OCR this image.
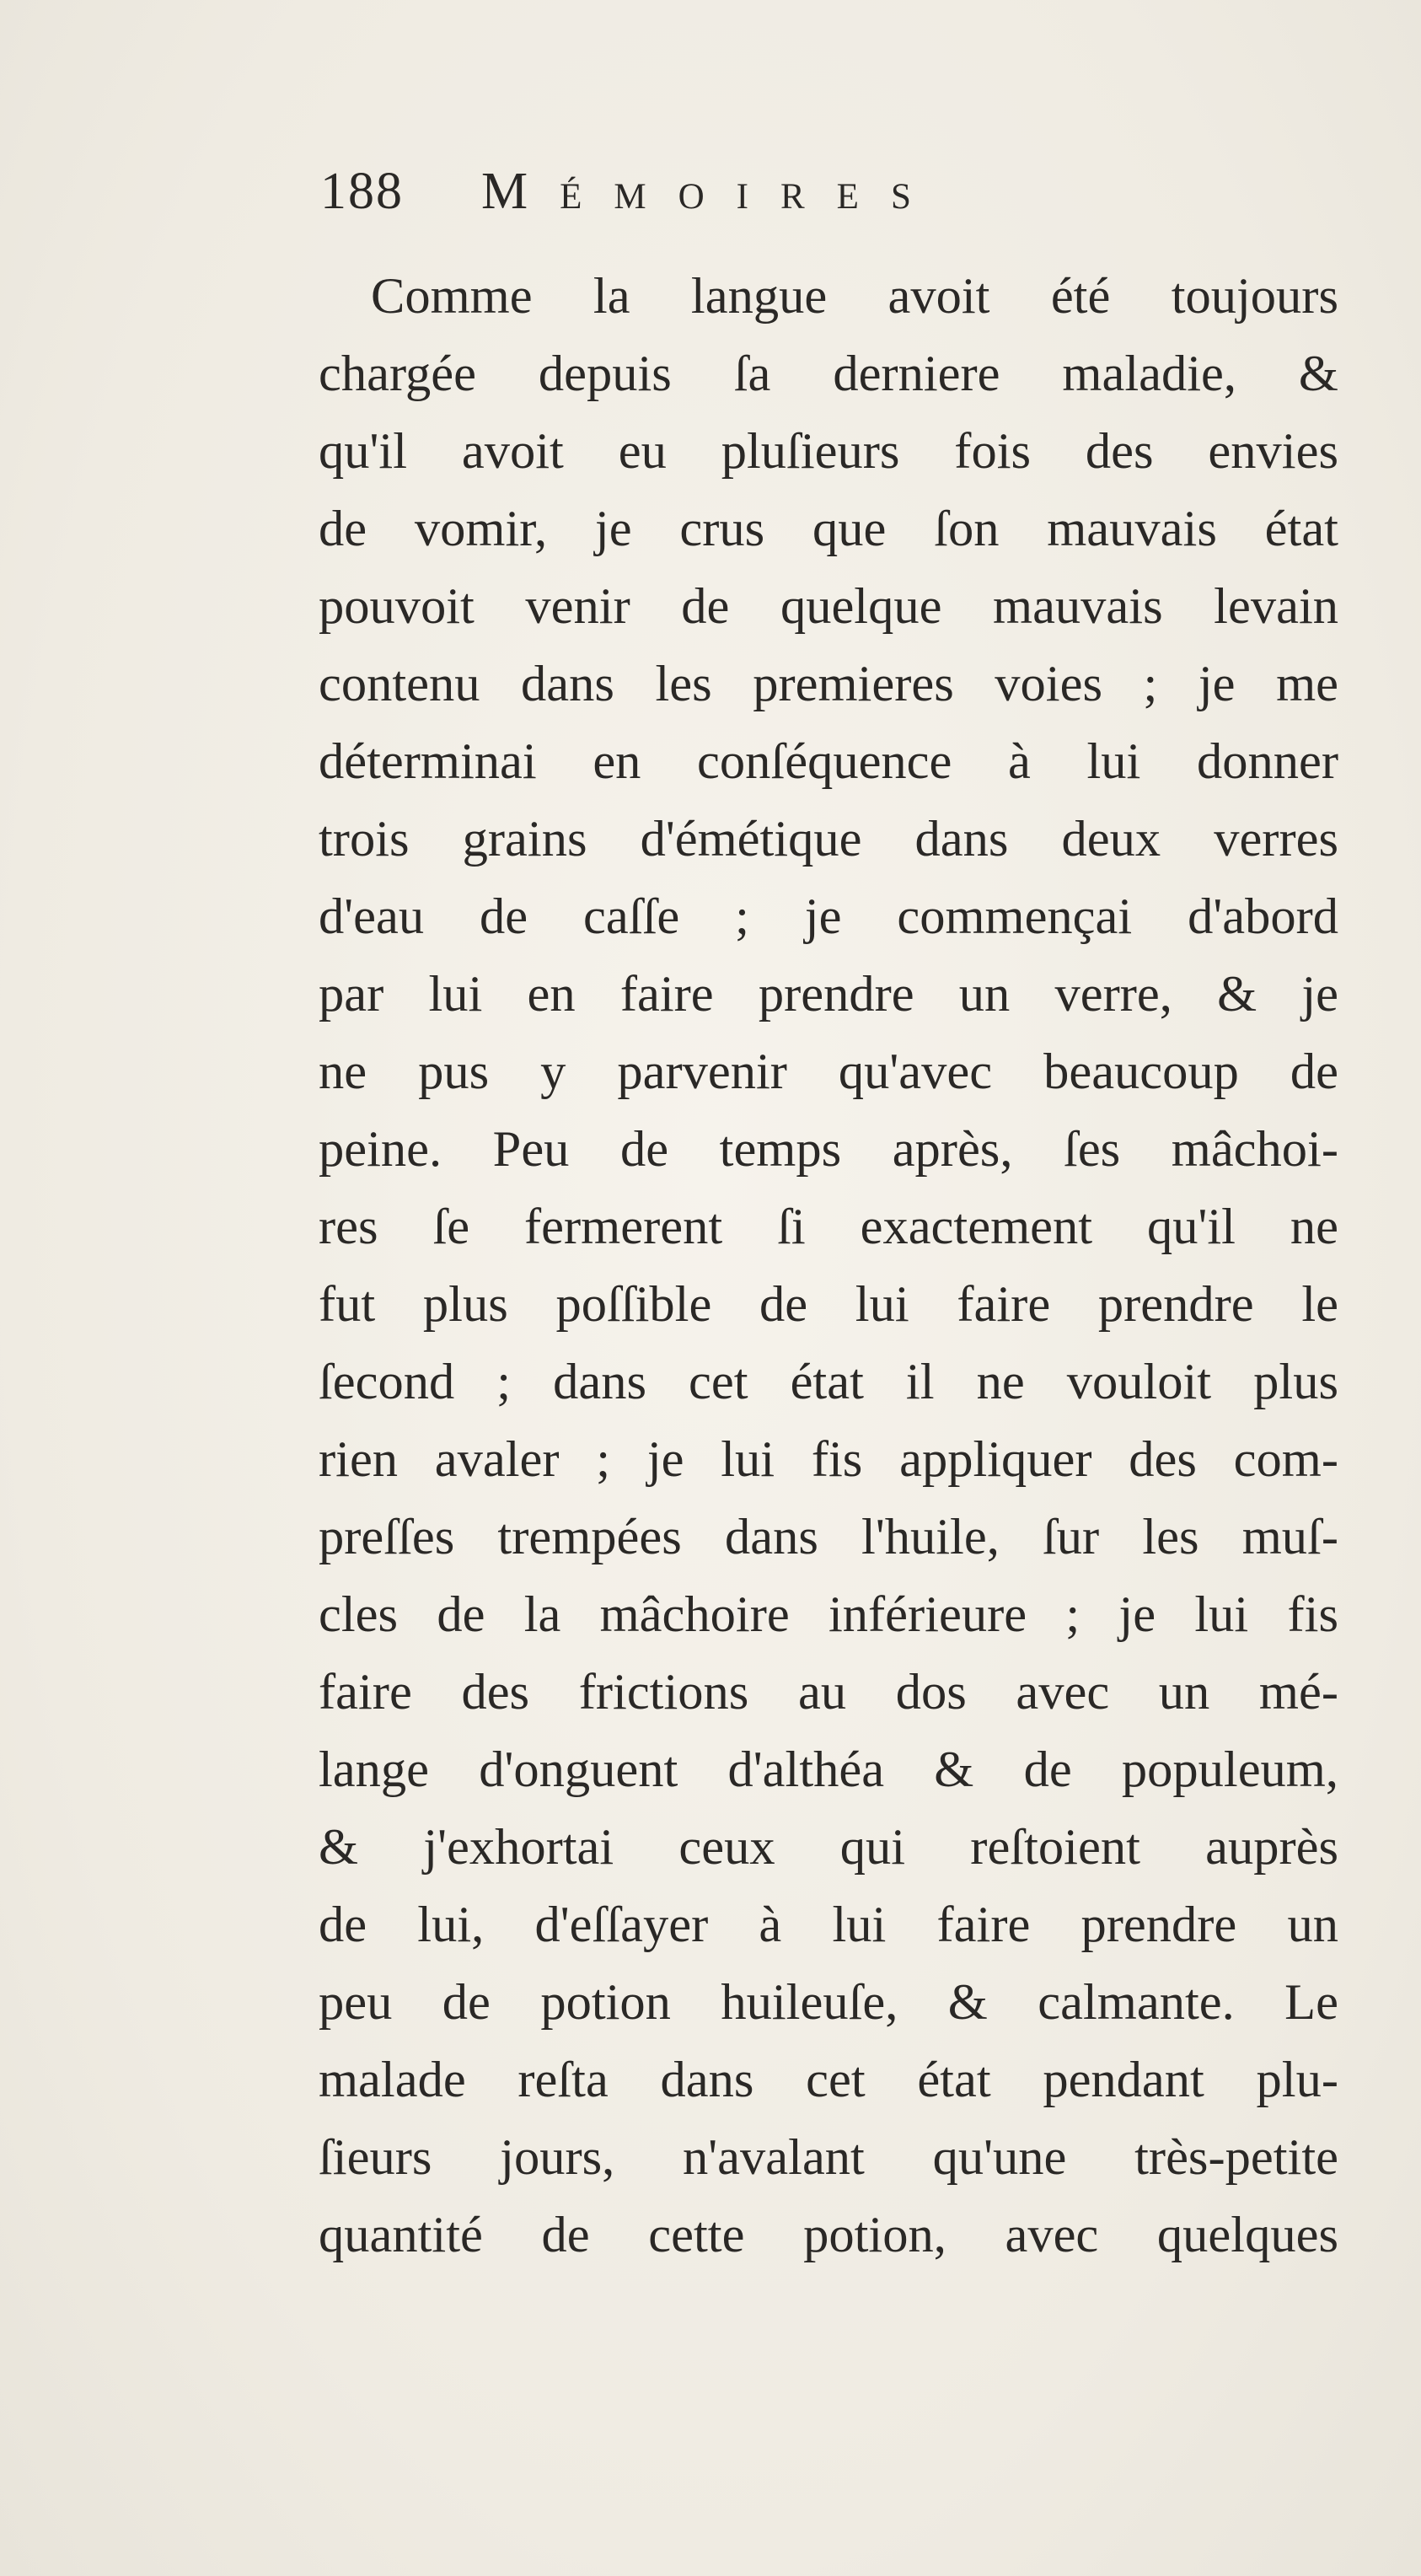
188 Mémoires
Comme la langue avoit été toujours
chargée depuis ſa derniere maladie, &
qu'il avoit eu pluſieurs fois des envies
de vomir, je crus que ſon mauvais état
pouvoit venir de quelque mauvais levain
contenu dans les premieres voies ; je me
déterminai en conſéquence à lui donner
trois grains d'émétique dans deux verres
d'eau de caſſe ; je commençai d'abord
par lui en faire prendre un verre, & je
ne pus y parvenir qu'avec beaucoup de
peine. Peu de temps après, ſes mâchoi-
res ſe fermerent ſi exactement qu'il ne
fut plus poſſible de lui faire prendre le
ſecond ; dans cet état il ne vouloit plus
rien avaler ; je lui fis appliquer des com-
preſſes trempées dans l'huile, ſur les muſ-
cles de la mâchoire inférieure ; je lui fis
faire des frictions au dos avec un mé-
lange d'onguent d'althéa & de populeum,
& j'exhortai ceux qui reſtoient auprès
de lui, d'eſſayer à lui faire prendre un
peu de potion huileuſe, & calmante. Le
malade reſta dans cet état pendant plu-
ſieurs jours, n'avalant qu'une très-petite
quantité de cette potion, avec quelques
